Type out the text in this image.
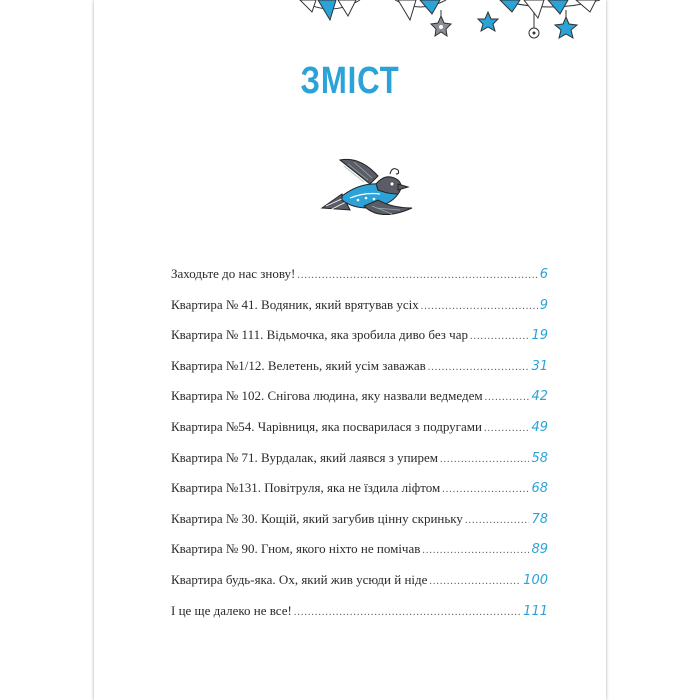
ЗМІСТ
Заходьте до нас знову! .....	6
Квартира № 41. Водяник, який врятував усіх .....	9
Квартира № 111. Відьмочка, яка зробила диво без чар .....	19
Квартира №1/12. Велетень, який усім заважав .....	31
Квартира № 102. Снігова людина, яку назвали ведмедем .....	42
Квартира №54. Чарівниця, яка посварилася з подругами .....	49
Квартира № 71. Вурдалак, який лаявся з упирем .....	58
Квартира №131. Повітруля, яка не їздила ліфтом .....	68
Квартира № 30. Кощій, який загубив цінну скриньку .....	78
Квартира № 90. Гном, якого ніхто не помічав .....	89
Квартира будь-яка. Ох, який жив усюди й ніде .....	100
І це ще далеко не все! .....	111
